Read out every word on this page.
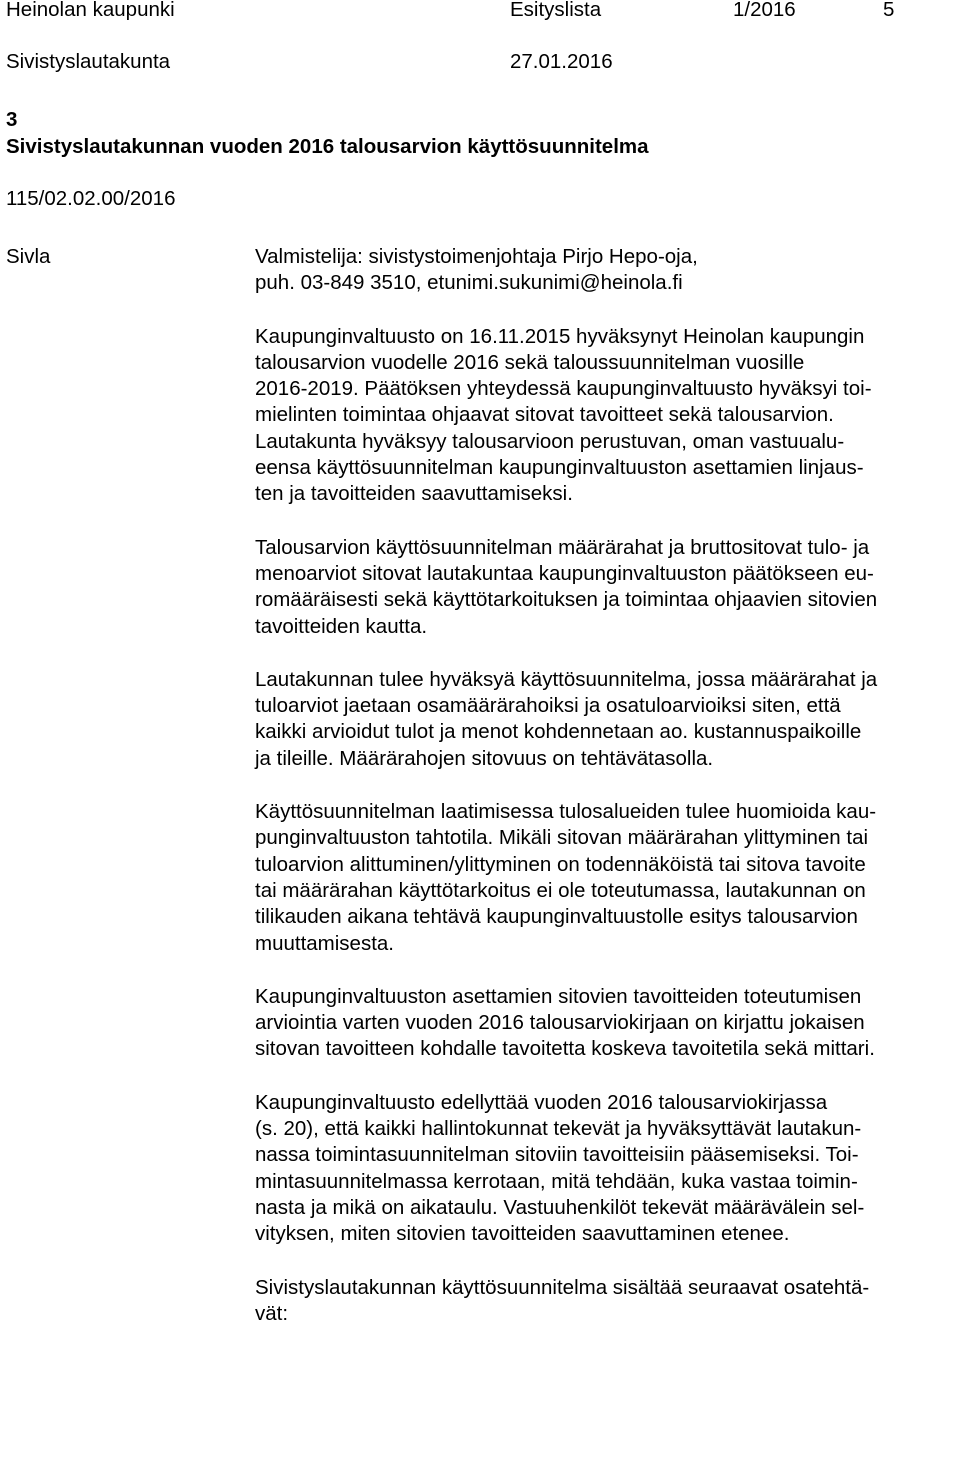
Heinolan kaupunki	Esityslista	1/2016	5
Sivistyslautakunta	27.01.2016
3
Sivistyslautakunnan vuoden 2016 talousarvion käyttösuunnitelma
115/02.02.00/2016
Sivla	Valmistelija: sivistystoimenjohtaja Pirjo Hepo-oja,
puh. 03-849 3510, etunimi.sukunimi@heinola.fi

Kaupunginvaltuusto on 16.11.2015 hyväksynyt Heinolan kaupungin
talousarvion vuodelle 2016 sekä taloussuunnitelman vuosille
2016-2019. Päätöksen yhteydessä kaupunginvaltuusto hyväksyi toi-
mielinten toimintaa ohjaavat sitovat tavoitteet sekä talousarvion.
Lautakunta hyväksyy talousarvioon perustuvan, oman vastuualu-
eensa käyttösuunnitelman kaupunginvaltuuston asettamien linjaus-
ten ja tavoitteiden saavuttamiseksi.

Talousarvion käyttösuunnitelman määrärahat ja bruttositovat tulo- ja
menoarviot sitovat lautakuntaa kaupunginvaltuuston päätökseen eu-
romääräisesti sekä käyttötarkoituksen ja toimintaa ohjaavien sitovien
tavoitteiden kautta.

Lautakunnan tulee hyväksyä käyttösuunnitelma, jossa määrärahat ja
tuloarviot jaetaan osamäärärahoiksi ja osatuloarvioiksi siten, että
kaikki arvioidut tulot ja menot kohdennetaan ao. kustannuspaikoille
ja tileille. Määrärahojen sitovuus on tehtävätasolla.

Käyttösuunnitelman laatimisessa tulosalueiden tulee huomioida kau-
punginvaltuuston tahtotila. Mikäli sitovan määrärahan ylittyminen tai
tuloarvion alittuminen/ylittyminen on todennäköistä tai sitova tavoite
tai määrärahan käyttötarkoitus ei ole toteutumassa, lautakunnan on
tilikauden aikana tehtävä kaupunginvaltuustolle esitys talousarvion
muuttamisesta.

Kaupunginvaltuuston asettamien sitovien tavoitteiden toteutumisen
arviointia varten vuoden 2016 talousarviokirjaan on kirjattu jokaisen
sitovan tavoitteen kohdalle tavoitetta koskeva tavoitetila sekä mittari.

Kaupunginvaltuusto edellyttää vuoden 2016 talousarviokirjassa
(s. 20), että kaikki hallintokunnat tekevät ja hyväksyttävät lautakun-
nassa toimintasuunnitelman sitoviin tavoitteisiin pääsemiseksi. Toi-
mintasuunnitelmassa kerrotaan, mitä tehdään, kuka vastaa toimin-
nasta ja mikä on aikataulu. Vastuuhenkilöt tekevät määrävälein sel-
vityksen, miten sitovien tavoitteiden saavuttaminen etenee.

Sivistyslautakunnan käyttösuunnitelma sisältää seuraavat osatehtä-
vät:
